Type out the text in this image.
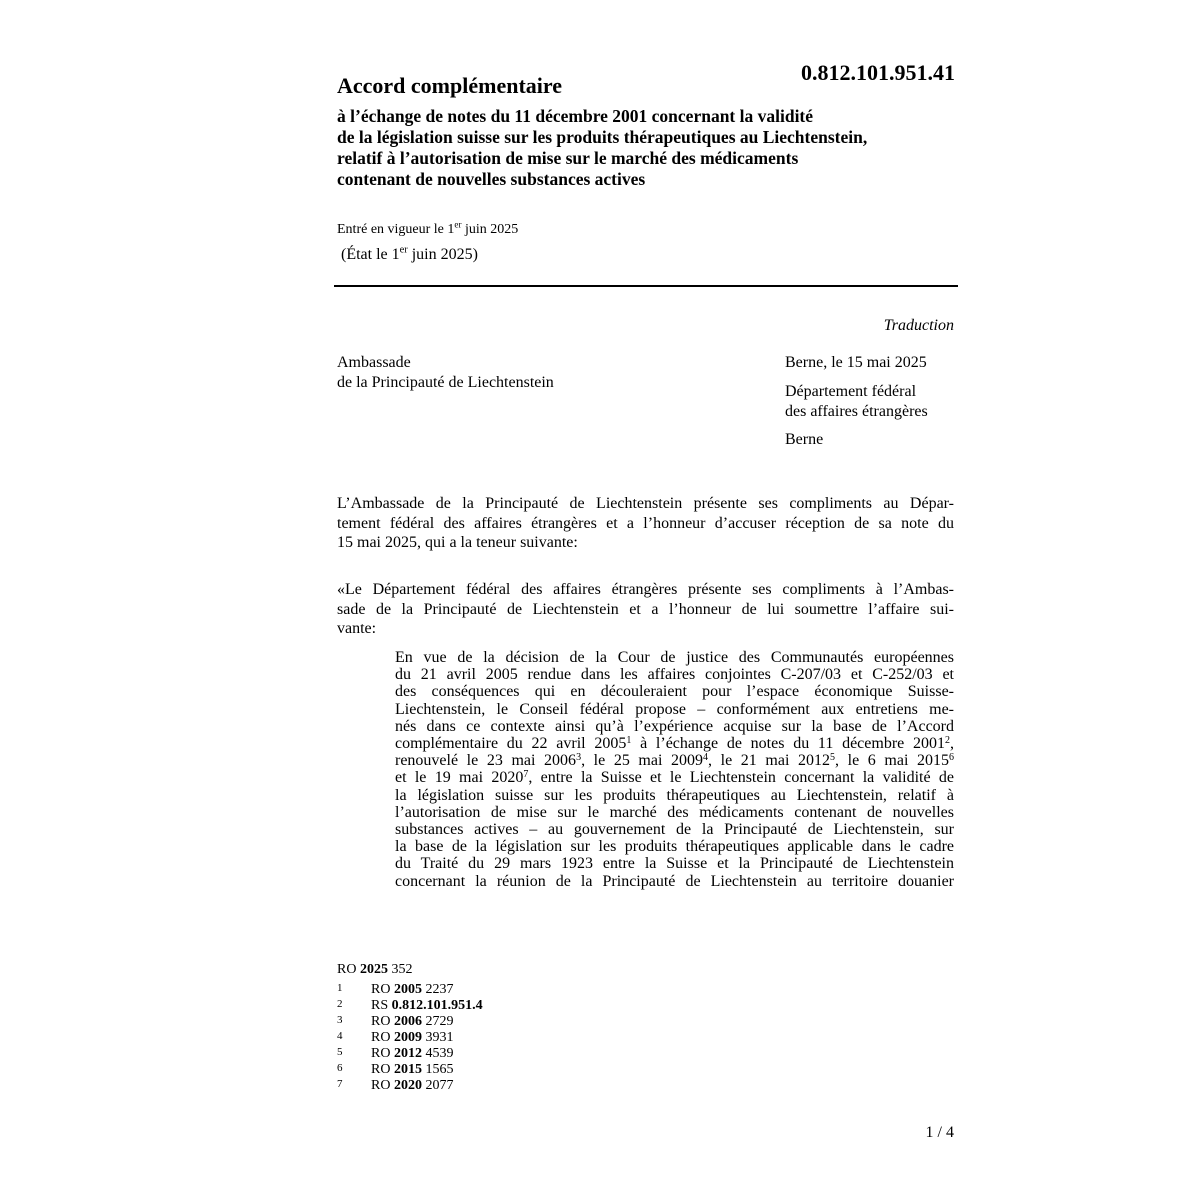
Accord complémentaire
0.812.101.951.41
à l’échange de notes du 11 décembre 2001 concernant la validité
de la législation suisse sur les produits thérapeutiques au Liechtenstein,
relatif à l’autorisation de mise sur le marché des médicaments
contenant de nouvelles substances actives
Entré en vigueur le 1er juin 2025
(État le 1er juin 2025)
Traduction
Ambassade
de la Principauté de Liechtenstein
Berne, le 15 mai 2025
Département fédéral
des affaires étrangères
Berne
L’Ambassade de la Principauté de Liechtenstein présente ses compliments au Dépar-
tement fédéral des affaires étrangères et a l’honneur d’accuser réception de sa note du
15 mai 2025, qui a la teneur suivante:
«Le Département fédéral des affaires étrangères présente ses compliments à l’Ambas-
sade de la Principauté de Liechtenstein et a l’honneur de lui soumettre l’affaire sui-
vante:
En vue de la décision de la Cour de justice des Communautés européennes
du 21 avril 2005 rendue dans les affaires conjointes C-207/03 et C-252/03 et
des conséquences qui en découleraient pour l’espace économique Suisse-
Liechtenstein, le Conseil fédéral propose – conformément aux entretiens me-
nés dans ce contexte ainsi qu’à l’expérience acquise sur la base de l’Accord
complémentaire du 22 avril 2005$^1$ à l’échange de notes du 11 décembre 2001$^2$,
renouvelé le 23 mai 2006$^3$, le 25 mai 2009$^4$, le 21 mai 2012$^5$, le 6 mai 2015$^6$
et le 19 mai 2020$^7$, entre la Suisse et le Liechtenstein concernant la validité de
la législation suisse sur les produits thérapeutiques au Liechtenstein, relatif à
l’autorisation de mise sur le marché des médicaments contenant de nouvelles
substances actives – au gouvernement de la Principauté de Liechtenstein, sur
la base de la législation sur les produits thérapeutiques applicable dans le cadre
du Traité du 29 mars 1923 entre la Suisse et la Principauté de Liechtenstein
concernant la réunion de la Principauté de Liechtenstein au territoire douanier
RO 2025 352
1	RO 2005 2237
2	RS 0.812.101.951.4
3	RO 2006 2729
4	RO 2009 3931
5	RO 2012 4539
6	RO 2015 1565
7	RO 2020 2077
1 / 4
